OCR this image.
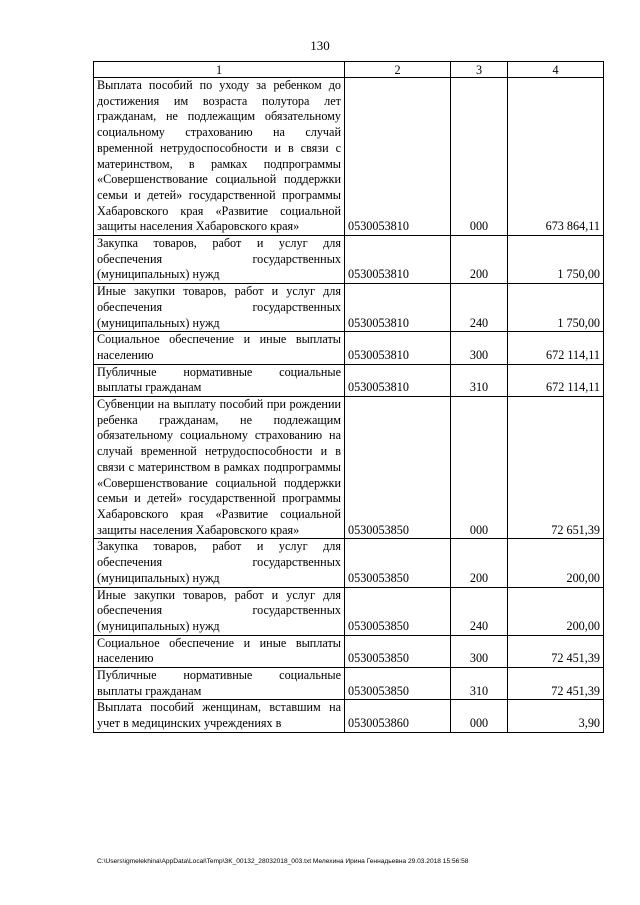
130
1	2	3	4
Выплата пособий по уходу за ребенком до достижения им возраста полутора лет гражданам, не подлежащим обязательному социальному страхованию на случай временной нетрудоспособности и в связи с материнством, в рамках подпрограммы «Совершенствование социальной поддержки семьи и детей» государственной программы Хабаровского края «Развитие социальной защиты населения Хабаровского края»	0530053810	000	673 864,11
Закупка товаров, работ и услуг для обеспечения государственных (муниципальных) нужд	0530053810	200	1 750,00
Иные закупки товаров, работ и услуг для обеспечения государственных (муниципальных) нужд	0530053810	240	1 750,00
Социальное обеспечение и иные выплаты населению	0530053810	300	672 114,11
Публичные нормативные социальные выплаты гражданам	0530053810	310	672 114,11
Субвенции на выплату пособий при рождении ребенка гражданам, не подлежащим обязательному социальному страхованию на случай временной нетрудоспособности и в связи с материнством в рамках подпрограммы «Совершенствование социальной поддержки семьи и детей» государственной программы Хабаровского края «Развитие социальной защиты населения Хабаровского края»	0530053850	000	72 651,39
Закупка товаров, работ и услуг для обеспечения государственных (муниципальных) нужд	0530053850	200	200,00
Иные закупки товаров, работ и услуг для обеспечения государственных (муниципальных) нужд	0530053850	240	200,00
Социальное обеспечение и иные выплаты населению	0530053850	300	72 451,39
Публичные нормативные социальные выплаты гражданам	0530053850	310	72 451,39
Выплата пособий женщинам, вставшим на учет в медицинских учреждениях в	0530053860	000	3,90
C:\Users\igmelekhina\AppData\Local\Temp\3K_00132_28032018_003.txt Мелехина Ирина Геннадьевна 29.03.2018 15:56:58
